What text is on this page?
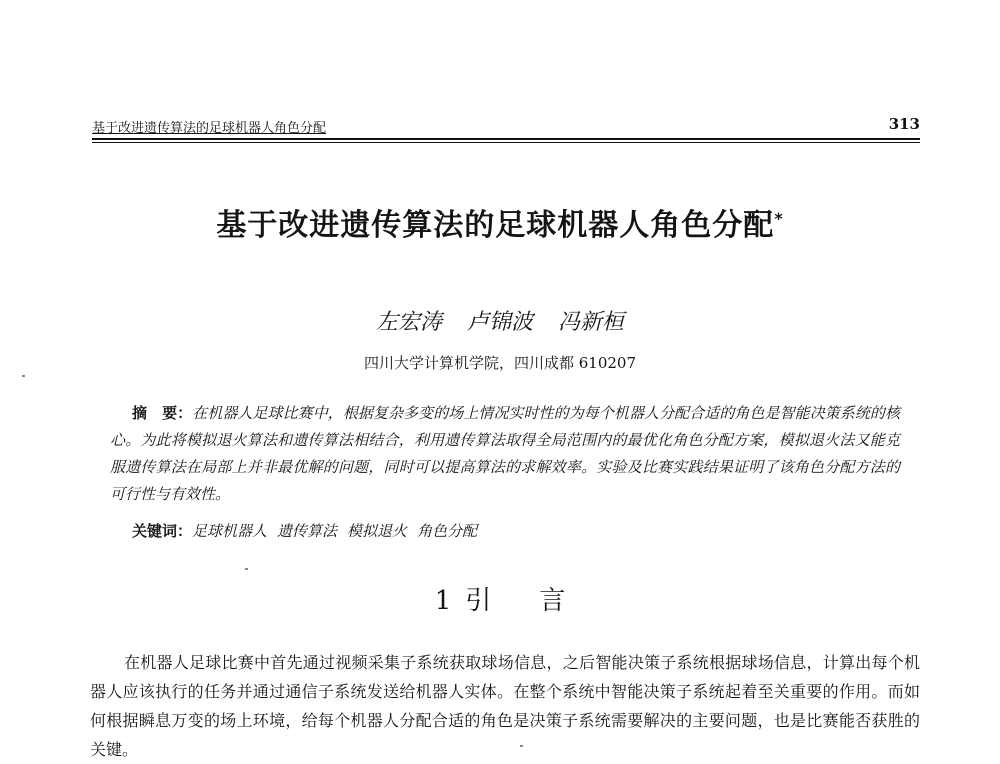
基于改进遗传算法的足球机器人角色分配	313
基于改进遗传算法的足球机器人角色分配*
左宏涛 卢锦波 冯新桓
四川大学计算机学院，四川成都 610207
摘　要：在机器人足球比赛中，根据复杂多变的场上情况实时性的为每个机器人分配合适的角色是智能决策系统的核心。为此将模拟退火算法和遗传算法相结合，利用遗传算法取得全局范围内的最优化角色分配方案，模拟退火法又能克服遗传算法在局部上并非最优解的问题，同时可以提高算法的求解效率。实验及比赛实践结果证明了该角色分配方法的可行性与有效性。
关键词：足球机器人 遗传算法 模拟退火 角色分配
1 引 言
在机器人足球比赛中首先通过视频采集子系统获取球场信息，之后智能决策子系统根据球场信息，计算出每个机器人应该执行的任务并通过通信子系统发送给机器人实体。在整个系统中智能决策子系统起着至关重要的作用。而如何根据瞬息万变的场上环境，给每个机器人分配合适的角色是决策子系统需要解决的主要问题，也是比赛能否获胜的关键。
